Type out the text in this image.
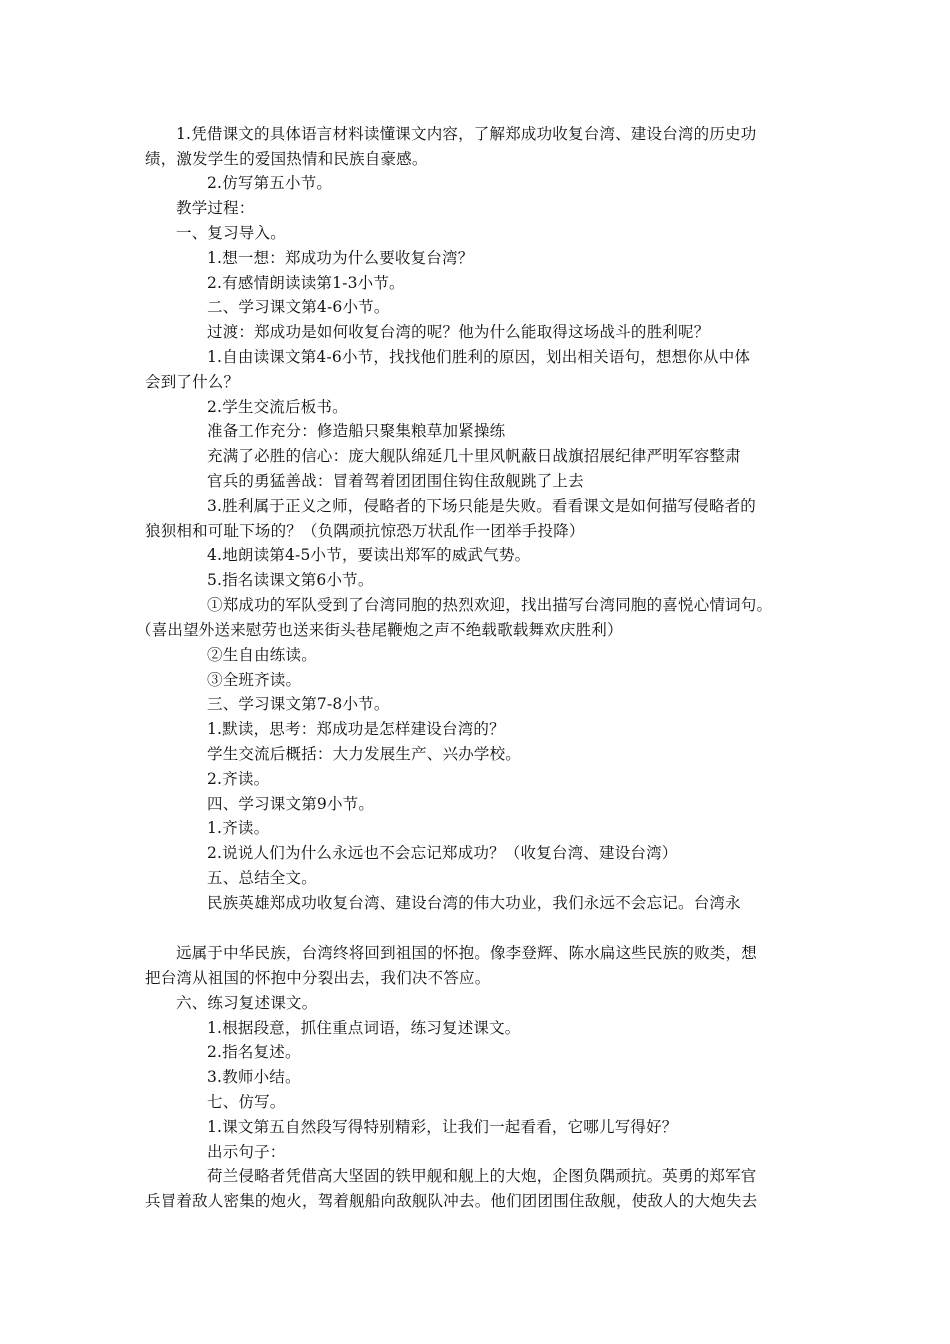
1.凭借课文的具体语言材料读懂课文内容，了解郑成功收复台湾、建设台湾的历史功
绩，激发学生的爱国热情和民族自豪感。
2.仿写第五小节。
教学过程：
一、复习导入。
1.想一想：郑成功为什么要收复台湾？
2.有感情朗读读第1-3小节。
二、学习课文第4-6小节。
过渡：郑成功是如何收复台湾的呢？他为什么能取得这场战斗的胜利呢？
1.自由读课文第4-6小节，找找他们胜利的原因，划出相关语句，想想你从中体
会到了什么？
2.学生交流后板书。
准备工作充分：修造船只聚集粮草加紧操练
充满了必胜的信心：庞大舰队绵延几十里风帆蔽日战旗招展纪律严明军容整肃
官兵的勇猛善战：冒着驾着团团围住钩住敌舰跳了上去
3.胜利属于正义之师，侵略者的下场只能是失败。看看课文是如何描写侵略者的
狼狈相和可耻下场的？（负隅顽抗惊恐万状乱作一团举手投降）
4.地朗读第4-5小节，要读出郑军的威武气势。
5.指名读课文第6小节。
①郑成功的军队受到了台湾同胞的热烈欢迎，找出描写台湾同胞的喜悦心情词句。
（喜出望外送来慰劳也送来街头巷尾鞭炮之声不绝载歌载舞欢庆胜利）
②生自由练读。
③全班齐读。
三、学习课文第7-8小节。
1.默读，思考：郑成功是怎样建设台湾的？
学生交流后概括：大力发展生产、兴办学校。
2.齐读。
四、学习课文第9小节。
1.齐读。
2.说说人们为什么永远也不会忘记郑成功？（收复台湾、建设台湾）
五、总结全文。
民族英雄郑成功收复台湾、建设台湾的伟大功业，我们永远不会忘记。台湾永
远属于中华民族，台湾终将回到祖国的怀抱。像李登辉、陈水扁这些民族的败类，想
把台湾从祖国的怀抱中分裂出去，我们决不答应。
六、练习复述课文。
1.根据段意，抓住重点词语，练习复述课文。
2.指名复述。
3.教师小结。
七、仿写。
1.课文第五自然段写得特别精彩，让我们一起看看，它哪儿写得好？
出示句子：
荷兰侵略者凭借高大坚固的铁甲舰和舰上的大炮，企图负隅顽抗。英勇的郑军官
兵冒着敌人密集的炮火，驾着舰船向敌舰队冲去。他们团团围住敌舰，使敌人的大炮失去
